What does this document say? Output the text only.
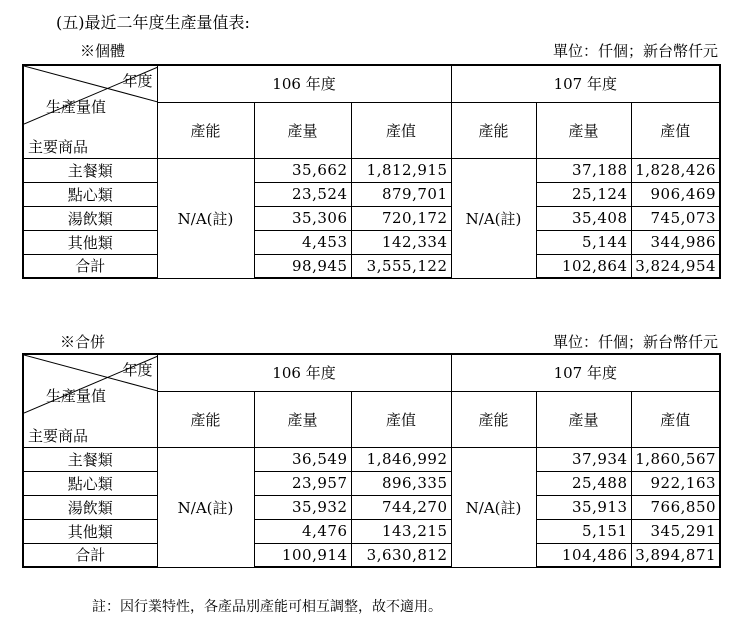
(五)最近二年度生產量值表:
※個體	單位：仟個；新台幣仟元
年度
生產量值
主要商品	106 年度			107 年度		
	產能	產量	產值	產能	產量	產值
主餐類	N/A(註)	35,662	1,812,915	N/A(註)	37,188	1,828,426
點心類		23,524	879,701		25,124	906,469
湯飲類		35,306	720,172		35,408	745,073
其他類		4,453	142,334		5,144	344,986
合計		98,945	3,555,122		102,864	3,824,954
※合併	單位：仟個；新台幣仟元
年度
生產量值
主要商品	106 年度			107 年度		
	產能	產量	產值	產能	產量	產值
主餐類	N/A(註)	36,549	1,846,992	N/A(註)	37,934	1,860,567
點心類		23,957	896,335		25,488	922,163
湯飲類		35,932	744,270		35,913	766,850
其他類		4,476	143,215		5,151	345,291
合計		100,914	3,630,812		104,486	3,894,871
註：因行業特性，各產品別產能可相互調整，故不適用。
